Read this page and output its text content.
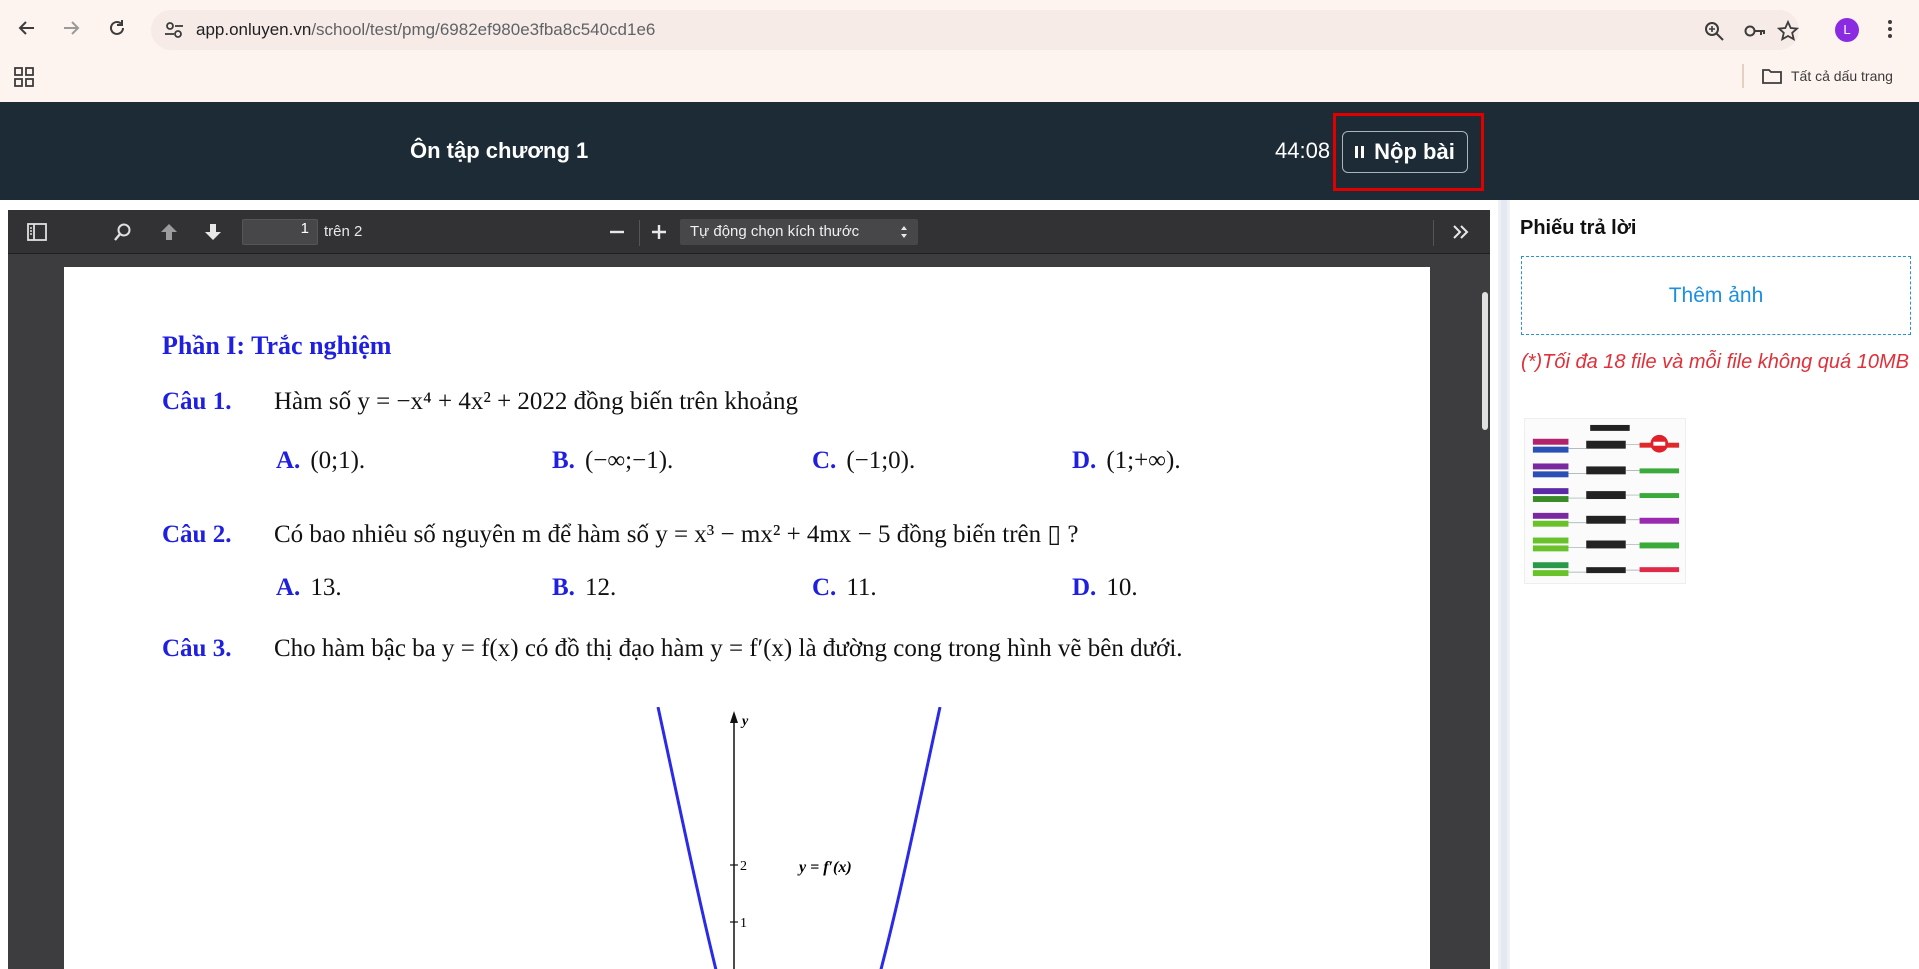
app.onluyen.vn/school/test/pmg/6982ef980e3fba8c540cd1e6	L
Tất cả dấu trang
Ôn tập chương 1	44:08 Nộp bài
1	trên 2	Tự động chọn kích thước
Phần I: Trắc nghiệm
Câu 1. Hàm số y = −x⁴ + 4x² + 2022 đồng biến trên khoảng
A. (0;1).	B. (−∞;−1).	C. (−1;0).	D. (1;+∞).
Câu 2. Có bao nhiêu số nguyên m để hàm số y = x³ − mx² + 4mx − 5 đồng biến trên ▯ ?
A. 13.	B. 12.	C. 11.	D. 10.
Câu 3. Cho hàm bậc ba y = f(x) có đồ thị đạo hàm y = f′(x) là đường cong trong hình vẽ bên dưới.
y
2
1
y = f′(x)
Phiếu trả lời
Thêm ảnh
(*)Tối đa 18 file và mỗi file không quá 10MB
